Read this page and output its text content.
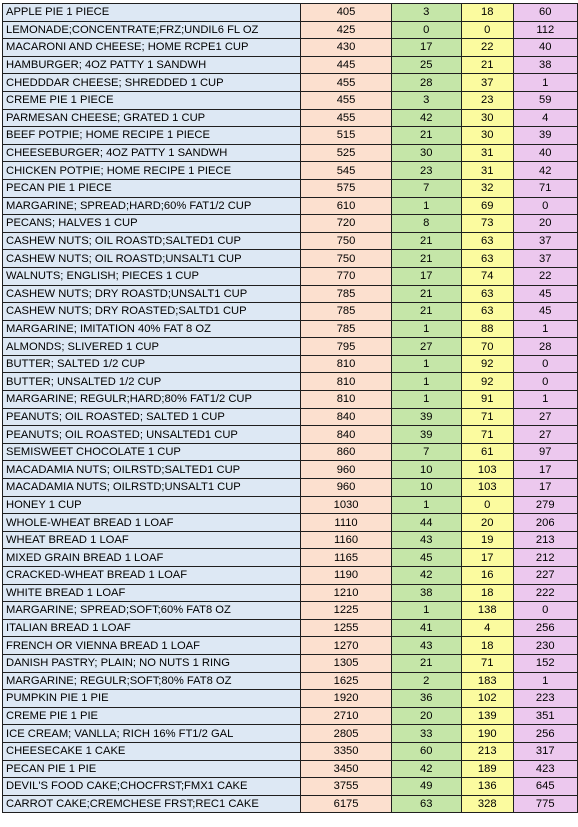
APPLE PIE 1 PIECE	405	3	18	60
LEMONADE;CONCENTRATE;FRZ;UNDIL6 FL OZ	425	0	0	112
MACARONI AND CHEESE; HOME RCPE1 CUP	430	17	22	40
HAMBURGER; 4OZ PATTY 1 SANDWH	445	25	21	38
CHEDDDAR CHEESE; SHREDDED 1 CUP	455	28	37	1
CREME PIE 1 PIECE	455	3	23	59
PARMESAN CHEESE; GRATED 1 CUP	455	42	30	4
BEEF POTPIE; HOME RECIPE 1 PIECE	515	21	30	39
CHEESEBURGER; 4OZ PATTY 1 SANDWH	525	30	31	40
CHICKEN POTPIE; HOME RECIPE 1 PIECE	545	23	31	42
PECAN PIE 1 PIECE	575	7	32	71
MARGARINE; SPREAD;HARD;60% FAT1/2 CUP	610	1	69	0
PECANS; HALVES 1 CUP	720	8	73	20
CASHEW NUTS; OIL ROASTD;SALTED1 CUP	750	21	63	37
CASHEW NUTS; OIL ROASTD;UNSALT1 CUP	750	21	63	37
WALNUTS; ENGLISH; PIECES 1 CUP	770	17	74	22
CASHEW NUTS; DRY ROASTD;UNSALT1 CUP	785	21	63	45
CASHEW NUTS; DRY ROASTED;SALTD1 CUP	785	21	63	45
MARGARINE; IMITATION 40% FAT 8 OZ	785	1	88	1
ALMONDS; SLIVERED 1 CUP	795	27	70	28
BUTTER; SALTED 1/2 CUP	810	1	92	0
BUTTER; UNSALTED 1/2 CUP	810	1	92	0
MARGARINE; REGULR;HARD;80% FAT1/2 CUP	810	1	91	1
PEANUTS; OIL ROASTED; SALTED 1 CUP	840	39	71	27
PEANUTS; OIL ROASTED; UNSALTED1 CUP	840	39	71	27
SEMISWEET CHOCOLATE 1 CUP	860	7	61	97
MACADAMIA NUTS; OILRSTD;SALTED1 CUP	960	10	103	17
MACADAMIA NUTS; OILRSTD;UNSALT1 CUP	960	10	103	17
HONEY 1 CUP	1030	1	0	279
WHOLE-WHEAT BREAD 1 LOAF	1110	44	20	206
WHEAT BREAD 1 LOAF	1160	43	19	213
MIXED GRAIN BREAD 1 LOAF	1165	45	17	212
CRACKED-WHEAT BREAD 1 LOAF	1190	42	16	227
WHITE BREAD 1 LOAF	1210	38	18	222
MARGARINE; SPREAD;SOFT;60% FAT8 OZ	1225	1	138	0
ITALIAN BREAD 1 LOAF	1255	41	4	256
FRENCH OR VIENNA BREAD 1 LOAF	1270	43	18	230
DANISH PASTRY; PLAIN; NO NUTS 1 RING	1305	21	71	152
MARGARINE; REGULR;SOFT;80% FAT8 OZ	1625	2	183	1
PUMPKIN PIE 1 PIE	1920	36	102	223
CREME PIE 1 PIE	2710	20	139	351
ICE CREAM; VANLLA; RICH 16% FT1/2 GAL	2805	33	190	256
CHEESECAKE 1 CAKE	3350	60	213	317
PECAN PIE 1 PIE	3450	42	189	423
DEVIL'S FOOD CAKE;CHOCFRST;FMX1 CAKE	3755	49	136	645
CARROT CAKE;CREMCHESE FRST;REC1 CAKE	6175	63	328	775
